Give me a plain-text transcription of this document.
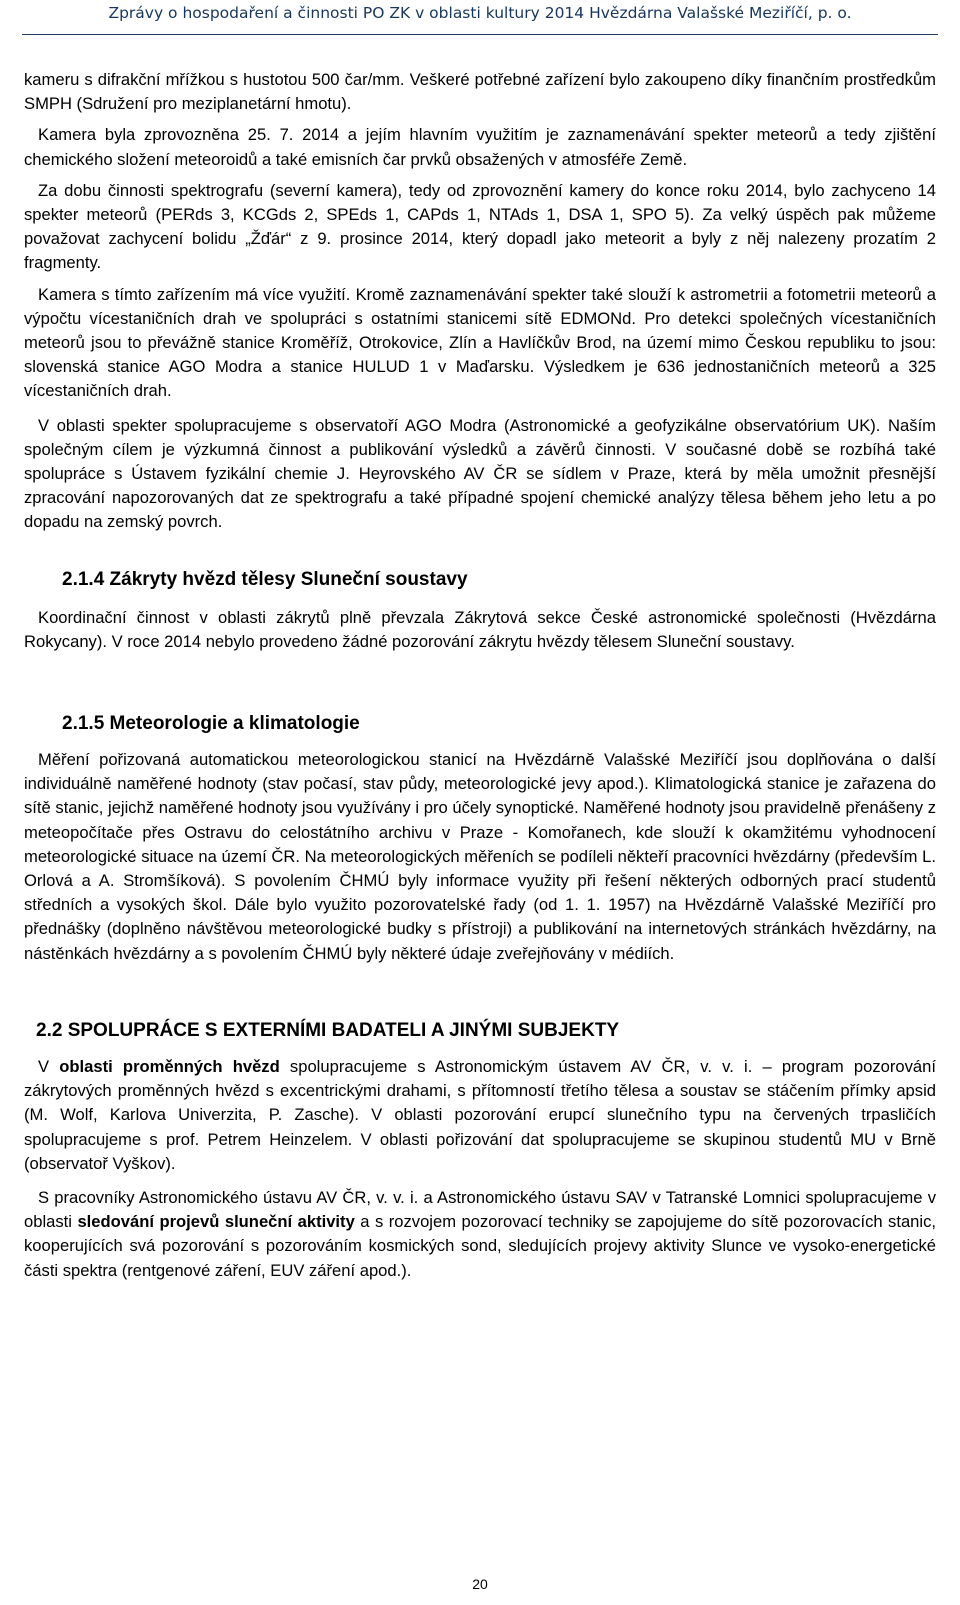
Zprávy o hospodaření a činnosti PO ZK v oblasti kultury 2014 Hvězdárna Valašské Meziříčí, p. o.

kameru s difrakční mřížkou s hustotou 500 čar/mm. Veškeré potřebné zařízení bylo zakoupeno díky finančním prostředkům SMPH (Sdružení pro meziplanetární hmotu).

Kamera byla zprovozněna 25. 7. 2014 a jejím hlavním využitím je zaznamenávání spekter meteorů a tedy zjištění chemického složení meteoroidů a také emisních čar prvků obsažených v atmosféře Země.

Za dobu činnosti spektrografu (severní kamera), tedy od zprovoznění kamery do konce roku 2014, bylo zachyceno 14 spekter meteorů (PERds 3, KCGds 2, SPEds 1, CAPds 1, NTAds 1, DSA 1, SPO 5). Za velký úspěch pak můžeme považovat zachycení bolidu „Žďár“ z 9. prosince 2014, který dopadl jako meteorit a byly z něj nalezeny prozatím 2 fragmenty.

Kamera s tímto zařízením má více využití. Kromě zaznamenávání spekter také slouží k astrometrii a fotometrii meteorů a výpočtu vícestaničních drah ve spolupráci s ostatními stanicemi sítě EDMONd. Pro detekci společných vícestaničních meteorů jsou to převážně stanice Kroměříž, Otrokovice, Zlín a Havlíčkův Brod, na území mimo Českou republiku to jsou: slovenská stanice AGO Modra a stanice HULUD 1 v Maďarsku. Výsledkem je 636 jednostaničních meteorů a 325 vícestaničních drah.

V oblasti spekter spolupracujeme s observatoří AGO Modra (Astronomické a geofyzikálne observatórium UK). Naším společným cílem je výzkumná činnost a publikování výsledků a závěrů činnosti. V současné době se rozbíhá také spolupráce s Ústavem fyzikální chemie J. Heyrovského AV ČR se sídlem v Praze, která by měla umožnit přesnější zpracování napozorovaných dat ze spektrografu a také případné spojení chemické analýzy tělesa během jeho letu a po dopadu na zemský povrch.

2.1.4 Zákryty hvězd tělesy Sluneční soustavy

Koordinační činnost v oblasti zákrytů plně převzala Zákrytová sekce České astronomické společnosti (Hvězdárna Rokycany). V roce 2014 nebylo provedeno žádné pozorování zákrytu hvězdy tělesem Sluneční soustavy.

2.1.5 Meteorologie a klimatologie

Měření pořizovaná automatickou meteorologickou stanicí na Hvězdárně Valašské Meziříčí jsou doplňována o další individuálně naměřené hodnoty (stav počasí, stav půdy, meteorologické jevy apod.). Klimatologická stanice je zařazena do sítě stanic, jejichž naměřené hodnoty jsou využívány i pro účely synoptické. Naměřené hodnoty jsou pravidelně přenášeny z meteopočítače přes Ostravu do celostátního archivu v Praze - Komořanech, kde slouží k okamžitému vyhodnocení meteorologické situace na území ČR. Na meteorologických měřeních se podíleli někteří pracovníci hvězdárny (především L. Orlová a A. Stromšíková). S povolením ČHMÚ byly informace využity při řešení některých odborných prací studentů středních a vysokých škol. Dále bylo využito pozorovatelské řady (od 1. 1. 1957) na Hvězdárně Valašské Meziříčí pro přednášky (doplněno návštěvou meteorologické budky s přístroji) a publikování na internetových stránkách hvězdárny, na nástěnkách hvězdárny a s povolením ČHMÚ byly některé údaje zveřejňovány v médiích.

2.2 SPOLUPRÁCE S EXTERNÍMI BADATELI A JINÝMI SUBJEKTY

V oblasti proměnných hvězd spolupracujeme s Astronomickým ústavem AV ČR, v. v. i. – program pozorování zákrytových proměnných hvězd s excentrickými drahami, s přítomností třetího tělesa a soustav se stáčením přímky apsid (M. Wolf, Karlova Univerzita, P. Zasche). V oblasti pozorování erupcí slunečního typu na červených trpasličích spolupracujeme s prof. Petrem Heinzelem. V oblasti pořizování dat spolupracujeme se skupinou studentů MU v Brně (observatoř Vyškov).

S pracovníky Astronomického ústavu AV ČR, v. v. i. a Astronomického ústavu SAV v Tatranské Lomnici spolupracujeme v oblasti sledování projevů sluneční aktivity a s rozvojem pozorovací techniky se zapojujeme do sítě pozorovacích stanic, kooperujících svá pozorování s pozorováním kosmických sond, sledujících projevy aktivity Slunce ve vysoko-energetické části spektra (rentgenové záření, EUV záření apod.).

20
